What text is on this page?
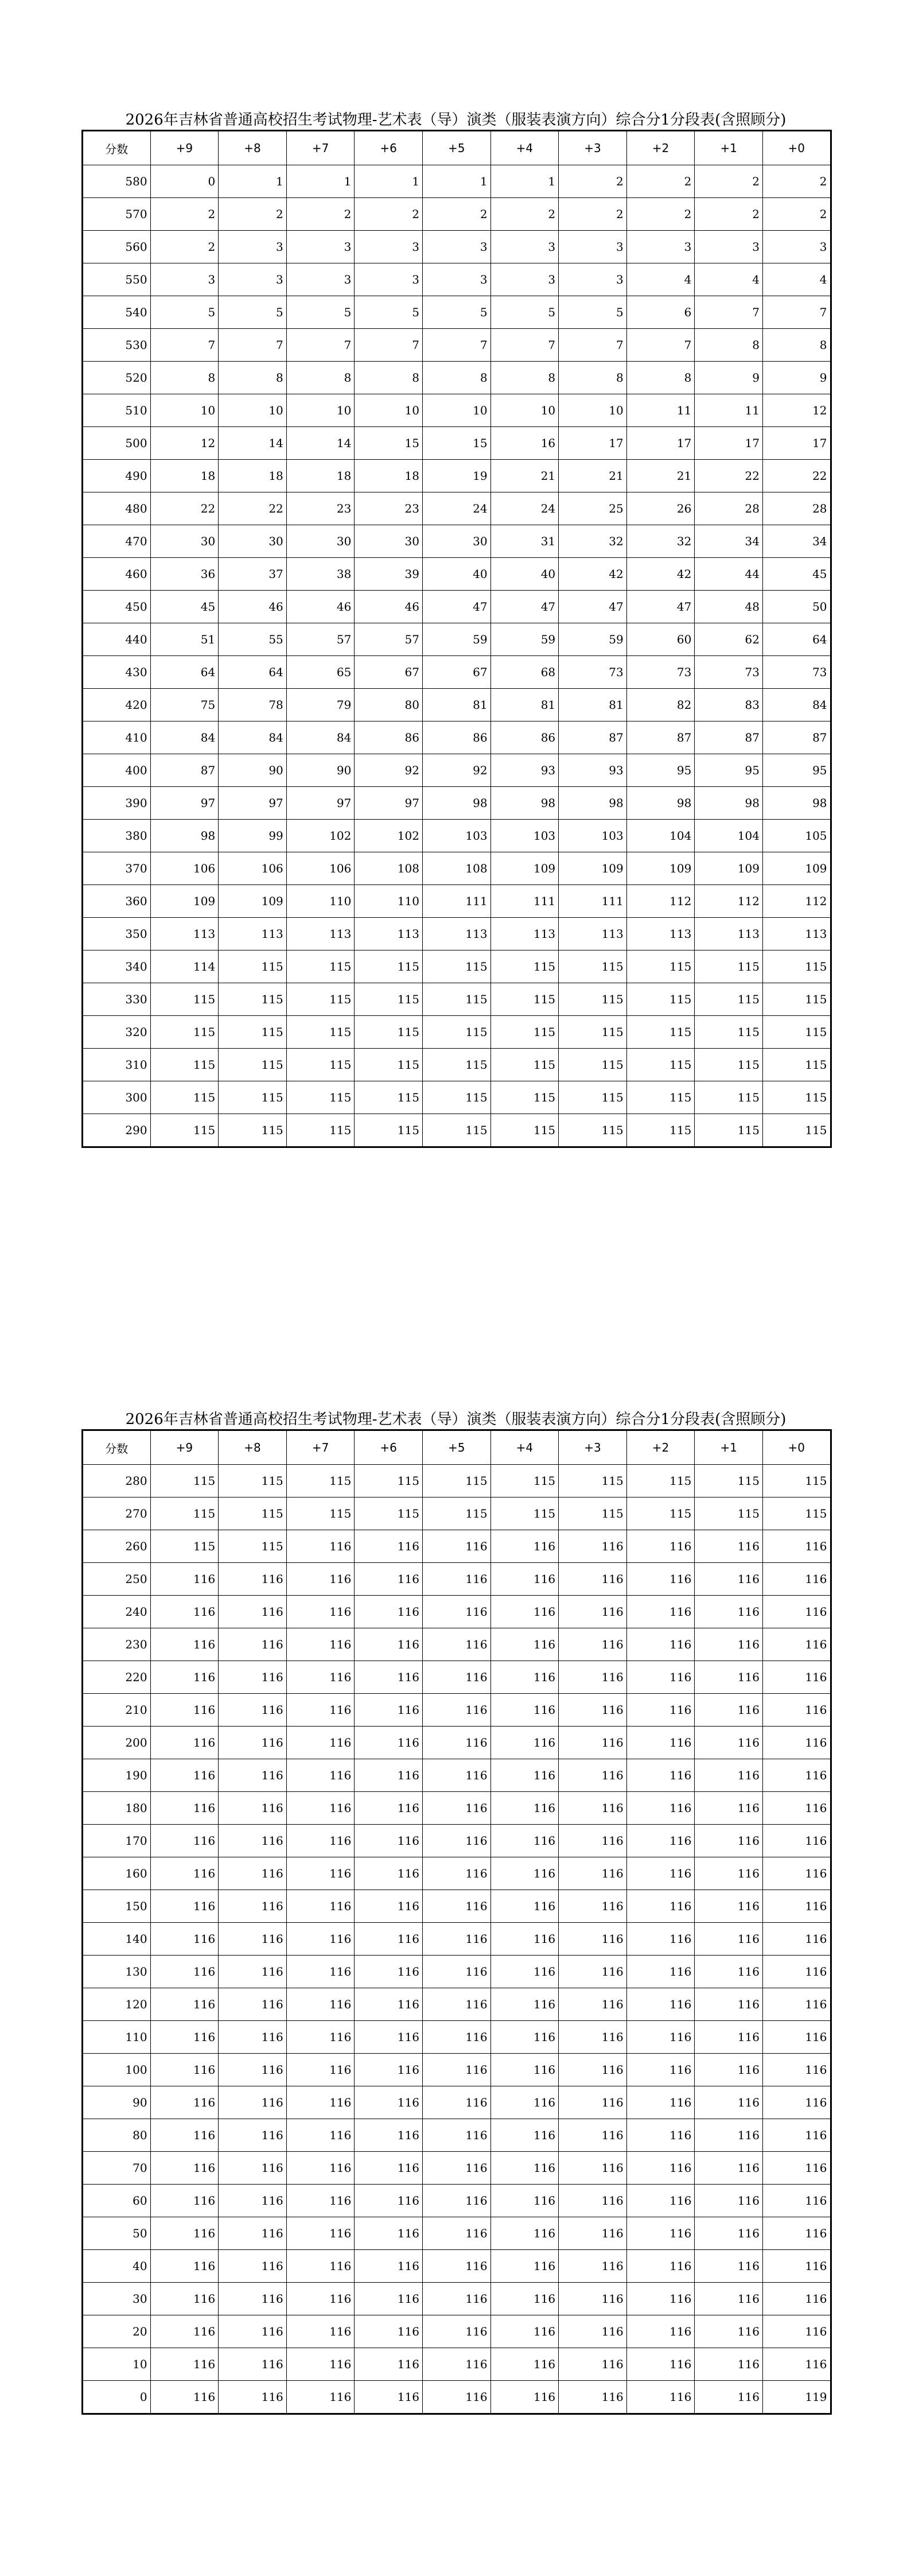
2026年吉林省普通高校招生考试物理-艺术表（导）演类（服装表演方向）综合分1分段表(含照顾分)
分数	+9	+8	+7	+6	+5	+4	+3	+2	+1	+0
580	0	1	1	1	1	1	2	2	2	2
570	2	2	2	2	2	2	2	2	2	2
560	2	3	3	3	3	3	3	3	3	3
550	3	3	3	3	3	3	3	4	4	4
540	5	5	5	5	5	5	5	6	7	7
530	7	7	7	7	7	7	7	7	8	8
520	8	8	8	8	8	8	8	8	9	9
510	10	10	10	10	10	10	10	11	11	12
500	12	14	14	15	15	16	17	17	17	17
490	18	18	18	18	19	21	21	21	22	22
480	22	22	23	23	24	24	25	26	28	28
470	30	30	30	30	30	31	32	32	34	34
460	36	37	38	39	40	40	42	42	44	45
450	45	46	46	46	47	47	47	47	48	50
440	51	55	57	57	59	59	59	60	62	64
430	64	64	65	67	67	68	73	73	73	73
420	75	78	79	80	81	81	81	82	83	84
410	84	84	84	86	86	86	87	87	87	87
400	87	90	90	92	92	93	93	95	95	95
390	97	97	97	97	98	98	98	98	98	98
380	98	99	102	102	103	103	103	104	104	105
370	106	106	106	108	108	109	109	109	109	109
360	109	109	110	110	111	111	111	112	112	112
350	113	113	113	113	113	113	113	113	113	113
340	114	115	115	115	115	115	115	115	115	115
330	115	115	115	115	115	115	115	115	115	115
320	115	115	115	115	115	115	115	115	115	115
310	115	115	115	115	115	115	115	115	115	115
300	115	115	115	115	115	115	115	115	115	115
290	115	115	115	115	115	115	115	115	115	115
2026年吉林省普通高校招生考试物理-艺术表（导）演类（服装表演方向）综合分1分段表(含照顾分)
分数	+9	+8	+7	+6	+5	+4	+3	+2	+1	+0
280	115	115	115	115	115	115	115	115	115	115
270	115	115	115	115	115	115	115	115	115	115
260	115	115	116	116	116	116	116	116	116	116
250	116	116	116	116	116	116	116	116	116	116
240	116	116	116	116	116	116	116	116	116	116
230	116	116	116	116	116	116	116	116	116	116
220	116	116	116	116	116	116	116	116	116	116
210	116	116	116	116	116	116	116	116	116	116
200	116	116	116	116	116	116	116	116	116	116
190	116	116	116	116	116	116	116	116	116	116
180	116	116	116	116	116	116	116	116	116	116
170	116	116	116	116	116	116	116	116	116	116
160	116	116	116	116	116	116	116	116	116	116
150	116	116	116	116	116	116	116	116	116	116
140	116	116	116	116	116	116	116	116	116	116
130	116	116	116	116	116	116	116	116	116	116
120	116	116	116	116	116	116	116	116	116	116
110	116	116	116	116	116	116	116	116	116	116
100	116	116	116	116	116	116	116	116	116	116
90	116	116	116	116	116	116	116	116	116	116
80	116	116	116	116	116	116	116	116	116	116
70	116	116	116	116	116	116	116	116	116	116
60	116	116	116	116	116	116	116	116	116	116
50	116	116	116	116	116	116	116	116	116	116
40	116	116	116	116	116	116	116	116	116	116
30	116	116	116	116	116	116	116	116	116	116
20	116	116	116	116	116	116	116	116	116	116
10	116	116	116	116	116	116	116	116	116	116
0	116	116	116	116	116	116	116	116	116	119
